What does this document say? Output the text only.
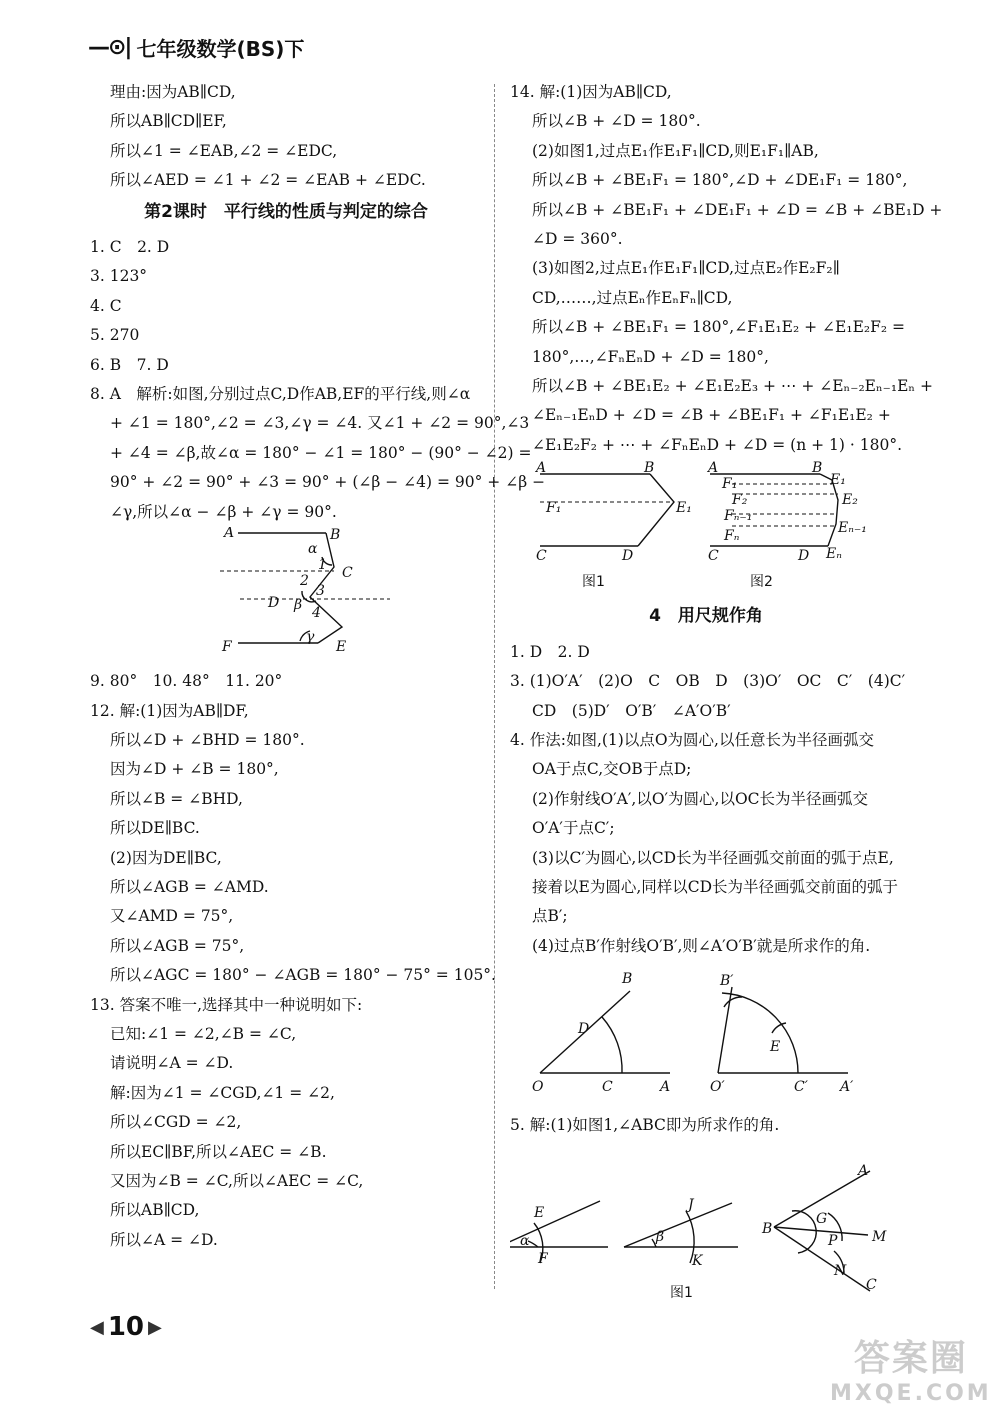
—⊙| 七年级数学(BS)下
理由:因为AB∥CD,
所以AB∥CD∥EF,
所以∠1 = ∠EAB,∠2 = ∠EDC,
所以∠AED = ∠1 + ∠2 = ∠EAB + ∠EDC.
第2课时　平行线的性质与判定的综合
1. C　2. D
3. 123°
4. C
5. 270
6. B　7. D
8. A　解析:如图,分别过点C,D作AB,EF的平行线,则∠α
+ ∠1 = 180°,∠2 = ∠3,∠γ = ∠4. 又∠1 + ∠2 = 90°,∠3
+ ∠4 = ∠β,故∠α = 180° − ∠1 = 180° − (90° − ∠2) =
90° + ∠2 = 90° + ∠3 = 90° + (∠β − ∠4) = 90° + ∠β −
∠γ,所以∠α − ∠β + ∠γ = 90°.
A	B
α
1 C
2
3
D β 4
F
γ
E
9. 80°　10. 48°　11. 20°
12. 解:(1)因为AB∥DF,
所以∠D + ∠BHD = 180°.
因为∠D + ∠B = 180°,
所以∠B = ∠BHD,
所以DE∥BC.
(2)因为DE∥BC,
所以∠AGB = ∠AMD.
又∠AMD = 75°,
所以∠AGB = 75°,
所以∠AGC = 180° − ∠AGB = 180° − 75° = 105°.
13. 答案不唯一,选择其中一种说明如下:
已知:∠1 = ∠2,∠B = ∠C,
请说明∠A = ∠D.
解:因为∠1 = ∠CGD,∠1 = ∠2,
所以∠CGD = ∠2,
所以EC∥BF,所以∠AEC = ∠B.
又因为∠B = ∠C,所以∠AEC = ∠C,
所以AB∥CD,
所以∠A = ∠D.
14. 解:(1)因为AB∥CD,
所以∠B + ∠D = 180°.
(2)如图1,过点E₁作E₁F₁∥CD,则E₁F₁∥AB,
所以∠B + ∠BE₁F₁ = 180°,∠D + ∠DE₁F₁ = 180°,
所以∠B + ∠BE₁F₁ + ∠DE₁F₁ + ∠D = ∠B + ∠BE₁D +
∠D = 360°.
(3)如图2,过点E₁作E₁F₁∥CD,过点E₂作E₂F₂∥
CD,……,过点Eₙ作EₙFₙ∥CD,
所以∠B + ∠BE₁F₁ = 180°,∠F₁E₁E₂ + ∠E₁E₂F₂ =
180°,…,∠FₙEₙD + ∠D = 180°,
所以∠B + ∠BE₁E₂ + ∠E₁E₂E₃ + ⋯ + ∠Eₙ₋₂Eₙ₋₁Eₙ +
∠Eₙ₋₁EₙD + ∠D = ∠B + ∠BE₁F₁ + ∠F₁E₁E₂ +
∠E₁E₂F₂ + ⋯ + ∠FₙEₙD + ∠D = (n + 1) · 180°.
A	B
F₁	E₁
C	D
A	B
E₁
F₁
F₂	E₂
Fₙ₋₁
Fₙ	Eₙ₋₁
Eₙ
C	D
图1	图2
4　用尺规作角
1. D　2. D
3. (1)O′A′　(2)O　C　OB　D　(3)O′　OC　C′　(4)C′
CD　(5)D′　O′B′　∠A′O′B′
4. 作法:如图,(1)以点O为圆心,以任意长为半径画弧交
OA于点C,交OB于点D;
(2)作射线O′A′,以O′为圆心,以OC长为半径画弧交
O′A′于点C′;
(3)以C′为圆心,以CD长为半径画弧交前面的弧于点E,
接着以E为圆心,同样以CD长为半径画弧交前面的弧于
点B′;
(4)过点B′作射线O′B′,则∠A′O′B′就是所求作的角.
B
D
O	C	A
B′
E
O′	C′ A′
5. 解:(1)如图1,∠ABC即为所求作的角.
E
α
F
J
β
K
A
B
G
P M
N
C
图1
◀ 10 ▶
答案圈
MXQE.COM
